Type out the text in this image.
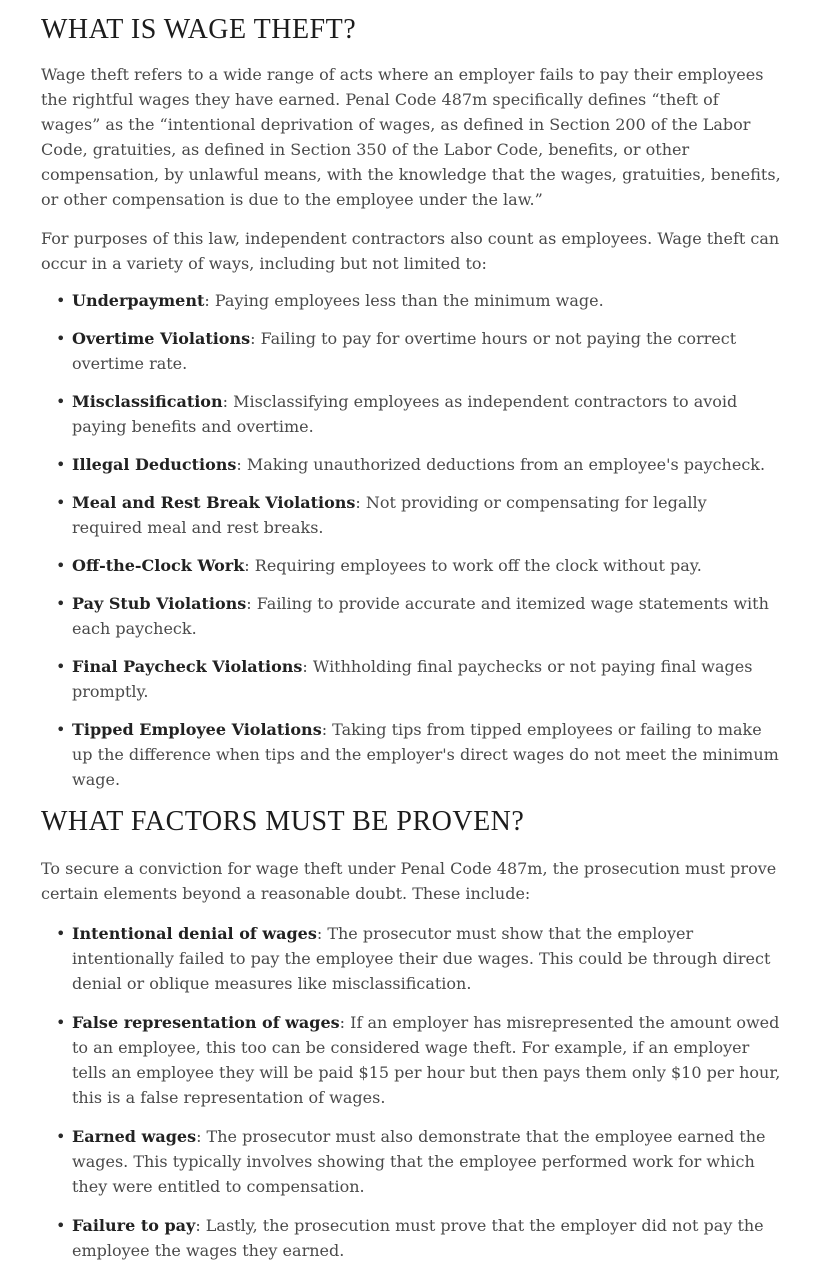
WHAT IS WAGE THEFT?

Wage theft refers to a wide range of acts where an employer fails to pay their employees the rightful wages they have earned. Penal Code 487m specifically defines “theft of wages” as the “intentional deprivation of wages, as defined in Section 200 of the Labor Code, gratuities, as defined in Section 350 of the Labor Code, benefits, or other compensation, by unlawful means, with the knowledge that the wages, gratuities, benefits, or other compensation is due to the employee under the law.”

For purposes of this law, independent contractors also count as employees. Wage theft can occur in a variety of ways, including but not limited to:

• Underpayment: Paying employees less than the minimum wage.
• Overtime Violations: Failing to pay for overtime hours or not paying the correct overtime rate.
• Misclassification: Misclassifying employees as independent contractors to avoid paying benefits and overtime.
• Illegal Deductions: Making unauthorized deductions from an employee's paycheck.
• Meal and Rest Break Violations: Not providing or compensating for legally required meal and rest breaks.
• Off-the-Clock Work: Requiring employees to work off the clock without pay.
• Pay Stub Violations: Failing to provide accurate and itemized wage statements with each paycheck.
• Final Paycheck Violations: Withholding final paychecks or not paying final wages promptly.
• Tipped Employee Violations: Taking tips from tipped employees or failing to make up the difference when tips and the employer's direct wages do not meet the minimum wage.
WHAT FACTORS MUST BE PROVEN?

To secure a conviction for wage theft under Penal Code 487m, the prosecution must prove certain elements beyond a reasonable doubt. These include:

• Intentional denial of wages: The prosecutor must show that the employer intentionally failed to pay the employee their due wages. This could be through direct denial or oblique measures like misclassification.
• False representation of wages: If an employer has misrepresented the amount owed to an employee, this too can be considered wage theft. For example, if an employer tells an employee they will be paid $15 per hour but then pays them only $10 per hour, this is a false representation of wages.
• Earned wages: The prosecutor must also demonstrate that the employee earned the wages. This typically involves showing that the employee performed work for which they were entitled to compensation.
• Failure to pay: Lastly, the prosecution must prove that the employer did not pay the employee the wages they earned.
